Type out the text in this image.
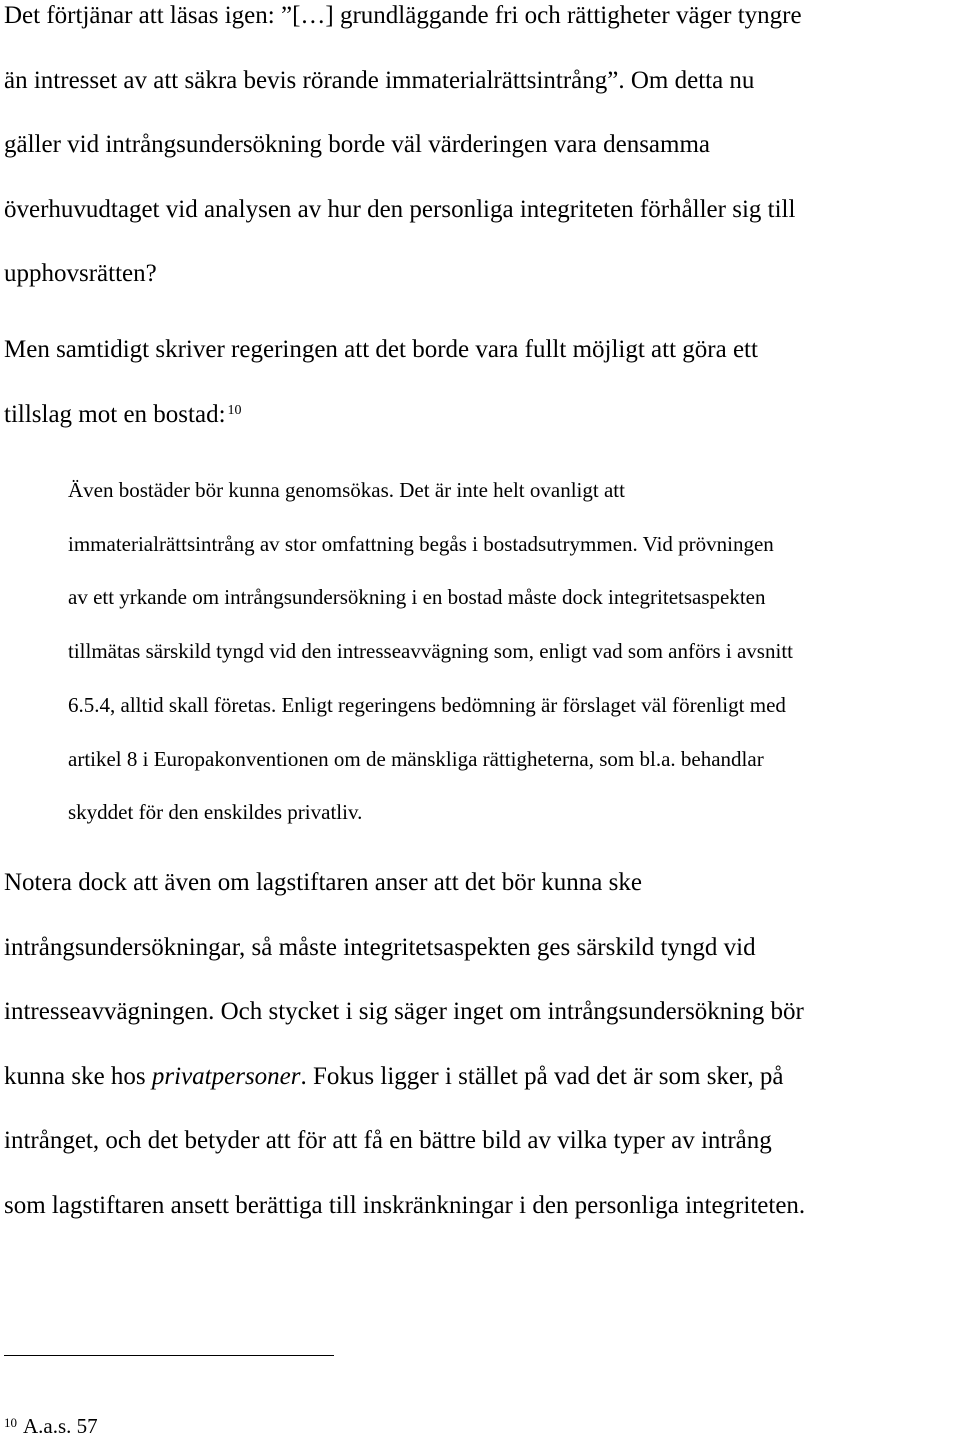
Det förtjänar att läsas igen: ”[…] grundläggande fri och rättigheter väger tyngre
än intresset av att säkra bevis rörande immaterialrättsintrång”. Om detta nu
gäller vid intrångsundersökning borde väl värderingen vara densamma
överhuvudtaget vid analysen av hur den personliga integriteten förhåller sig till
upphovsrätten?

Men samtidigt skriver regeringen att det borde vara fullt möjligt att göra ett
tillslag mot en bostad: $^{10}$

Även bostäder bör kunna genomsökas. Det är inte helt ovanligt att
immaterialrättsintrång av stor omfattning begås i bostadsutrymmen. Vid prövningen
av ett yrkande om intrångsundersökning i en bostad måste dock integritetsaspekten
tillmätas särskild tyngd vid den intresseavvägning som, enligt vad som anförs i avsnitt
6.5.4, alltid skall företas. Enligt regeringens bedömning är förslaget väl förenligt med
artikel 8 i Europakonventionen om de mänskliga rättigheterna, som bl.a. behandlar
skyddet för den enskildes privatliv.

Notera dock att även om lagstiftaren anser att det bör kunna ske
intrångsundersökningar, så måste integritetsaspekten ges särskild tyngd vid
intresseavvägningen. Och stycket i sig säger inget om intrångsundersökning bör
kunna ske hos privatpersoner. Fokus ligger i stället på vad det är som sker, på
intrånget, och det betyder att för att få en bättre bild av vilka typer av intrång
som lagstiftaren ansett berättiga till inskränkningar i den personliga integriteten.

$^{10}$ A.a.s. 57
